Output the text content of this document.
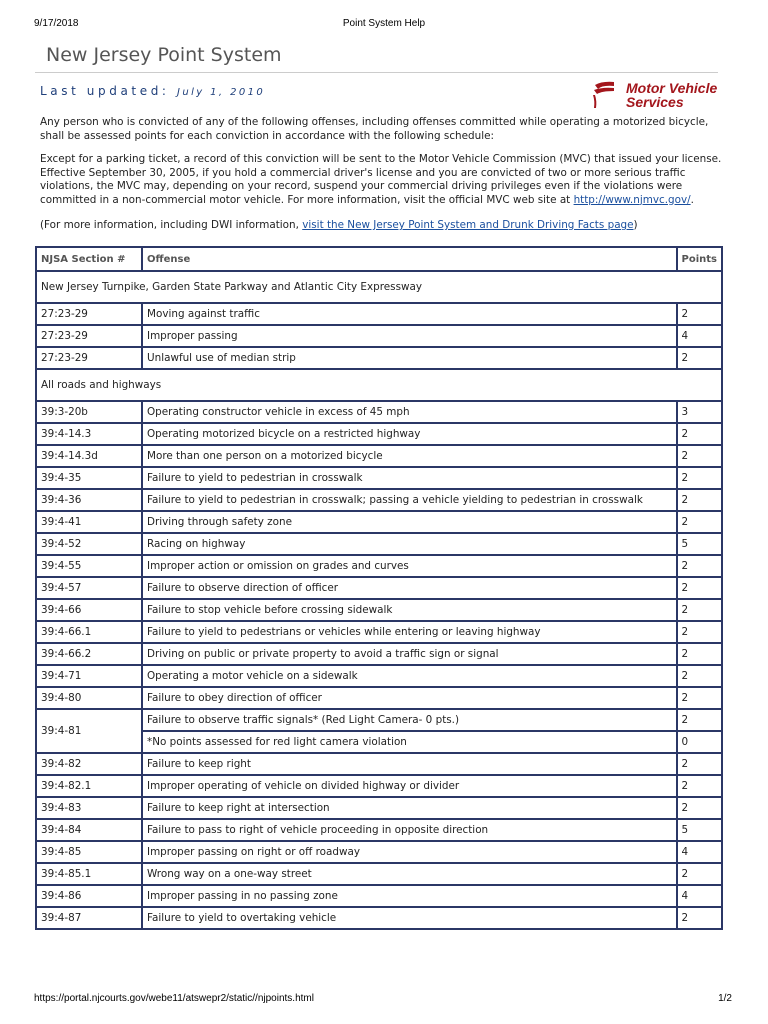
9/17/2018	Point System Help
New Jersey Point System
Last updated: July 1, 2010	Motor Vehicle
Services

Any person who is convicted of any of the following offenses, including offenses committed while operating a motorized bicycle, shall be assessed points for each conviction in accordance with the following schedule:

Except for a parking ticket, a record of this conviction will be sent to the Motor Vehicle Commission (MVC) that issued your license. Effective September 30, 2005, if you hold a commercial driver's license and you are convicted of two or more serious traffic violations, the MVC may, depending on your record, suspend your commercial driving privileges even if the violations were committed in a non-commercial motor vehicle. For more information, visit the official MVC web site at http://www.njmvc.gov/.

(For more information, including DWI information, visit the New Jersey Point System and Drunk Driving Facts page)

NJSA Section #	Offense	Points
New Jersey Turnpike, Garden State Parkway and Atlantic City Expressway		
27:23-29	Moving against traffic	2
27:23-29	Improper passing	4
27:23-29	Unlawful use of median strip	2
All roads and highways		
39:3-20b	Operating constructor vehicle in excess of 45 mph	3
39:4-14.3	Operating motorized bicycle on a restricted highway	2
39:4-14.3d	More than one person on a motorized bicycle	2
39:4-35	Failure to yield to pedestrian in crosswalk	2
39:4-36	Failure to yield to pedestrian in crosswalk; passing a vehicle yielding to pedestrian in crosswalk	2
39:4-41	Driving through safety zone	2
39:4-52	Racing on highway	5
39:4-55	Improper action or omission on grades and curves	2
39:4-57	Failure to observe direction of officer	2
39:4-66	Failure to stop vehicle before crossing sidewalk	2
39:4-66.1	Failure to yield to pedestrians or vehicles while entering or leaving highway	2
39:4-66.2	Driving on public or private property to avoid a traffic sign or signal	2
39:4-71	Operating a motor vehicle on a sidewalk	2
39:4-80	Failure to obey direction of officer	2
39:4-81	Failure to observe traffic signals* (Red Light Camera- 0 pts.)	2
	*No points assessed for red light camera violation	0
39:4-82	Failure to keep right	2
39:4-82.1	Improper operating of vehicle on divided highway or divider	2
39:4-83	Failure to keep right at intersection	2
39:4-84	Failure to pass to right of vehicle proceeding in opposite direction	5
39:4-85	Improper passing on right or off roadway	4
39:4-85.1	Wrong way on a one-way street	2
39:4-86	Improper passing in no passing zone	4
39:4-87	Failure to yield to overtaking vehicle	2
https://portal.njcourts.gov/webe11/atswepr2/static//njpoints.html	1/2
